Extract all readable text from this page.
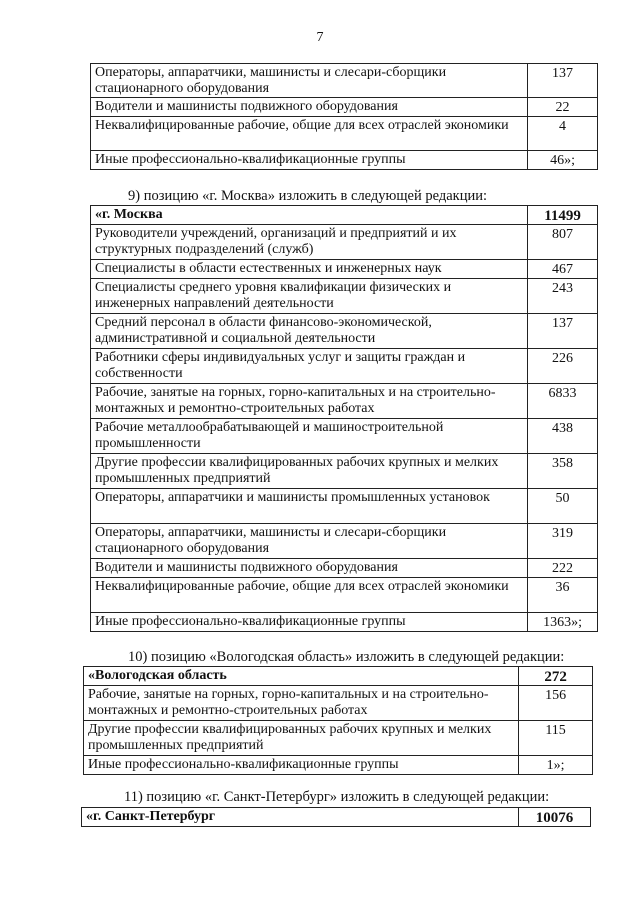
7
Операторы, аппаратчики, машинисты и слесари-сборщики стационарного оборудования	137
Водители и машинисты подвижного оборудования	22
Неквалифицированные рабочие, общие для всех отраслей экономики	4
Иные профессионально-квалификационные группы	46»;
9) позицию «г. Москва» изложить в следующей редакции:
«г. Москва	11499
Руководители учреждений, организаций и предприятий и их структурных подразделений (служб)	807
Специалисты в области естественных и инженерных наук	467
Специалисты среднего уровня квалификации физических и инженерных направлений деятельности	243
Средний персонал в области финансово-экономической, административной и социальной деятельности	137
Работники сферы индивидуальных услуг и защиты граждан и собственности	226
Рабочие, занятые на горных, горно-капитальных и на строительно-монтажных и ремонтно-строительных работах	6833
Рабочие металлообрабатывающей и машиностроительной промышленности	438
Другие профессии квалифицированных рабочих крупных и мелких промышленных предприятий	358
Операторы, аппаратчики и машинисты промышленных установок	50
Операторы, аппаратчики, машинисты и слесари-сборщики стационарного оборудования	319
Водители и машинисты подвижного оборудования	222
Неквалифицированные рабочие, общие для всех отраслей экономики	36
Иные профессионально-квалификационные группы	1363»;
10) позицию «Вологодская область» изложить в следующей редакции:
«Вологодская область	272
Рабочие, занятые на горных, горно-капитальных и на строительно-монтажных и ремонтно-строительных работах	156
Другие профессии квалифицированных рабочих крупных и мелких промышленных предприятий	115
Иные профессионально-квалификационные группы	1»;
11) позицию «г. Санкт-Петербург» изложить в следующей редакции:
«г. Санкт-Петербург	10076
